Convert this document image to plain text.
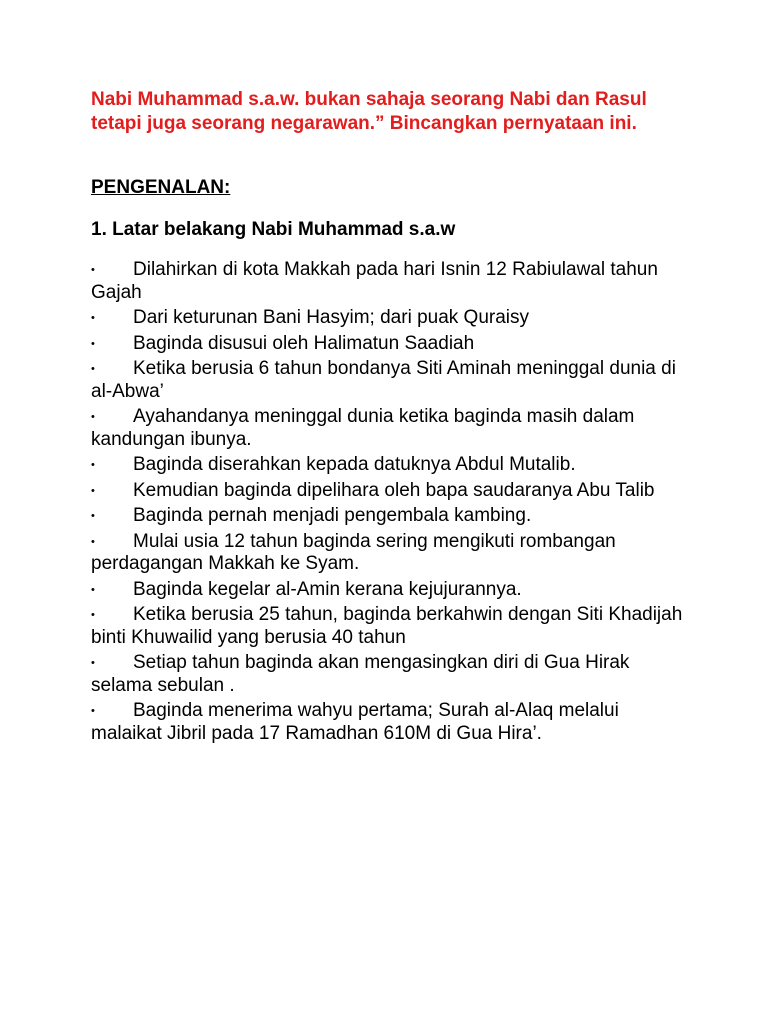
Nabi Muhammad s.a.w. bukan sahaja seorang Nabi dan Rasul tetapi juga seorang negarawan.” Bincangkan pernyataan ini.

PENGENALAN:

1. Latar belakang Nabi Muhammad s.a.w

• Dilahirkan di kota Makkah pada hari Isnin 12 Rabiulawal tahun Gajah
• Dari keturunan Bani Hasyim; dari puak Quraisy
• Baginda disusui oleh Halimatun Saadiah
• Ketika berusia 6 tahun bondanya Siti Aminah meninggal dunia di al-Abwa’
• Ayahandanya meninggal dunia ketika baginda masih dalam kandungan ibunya.
• Baginda diserahkan kepada datuknya Abdul Mutalib.
• Kemudian baginda dipelihara oleh bapa saudaranya Abu Talib
• Baginda pernah menjadi pengembala kambing.
• Mulai usia 12 tahun baginda sering mengikuti rombangan perdagangan Makkah ke Syam.
• Baginda kegelar al-Amin kerana kejujurannya.
• Ketika berusia 25 tahun, baginda berkahwin dengan Siti Khadijah binti Khuwailid yang berusia 40 tahun
• Setiap tahun baginda akan mengasingkan diri di Gua Hirak selama sebulan .
• Baginda menerima wahyu pertama; Surah al-Alaq melalui malaikat Jibril pada 17 Ramadhan 610M di Gua Hira’.
